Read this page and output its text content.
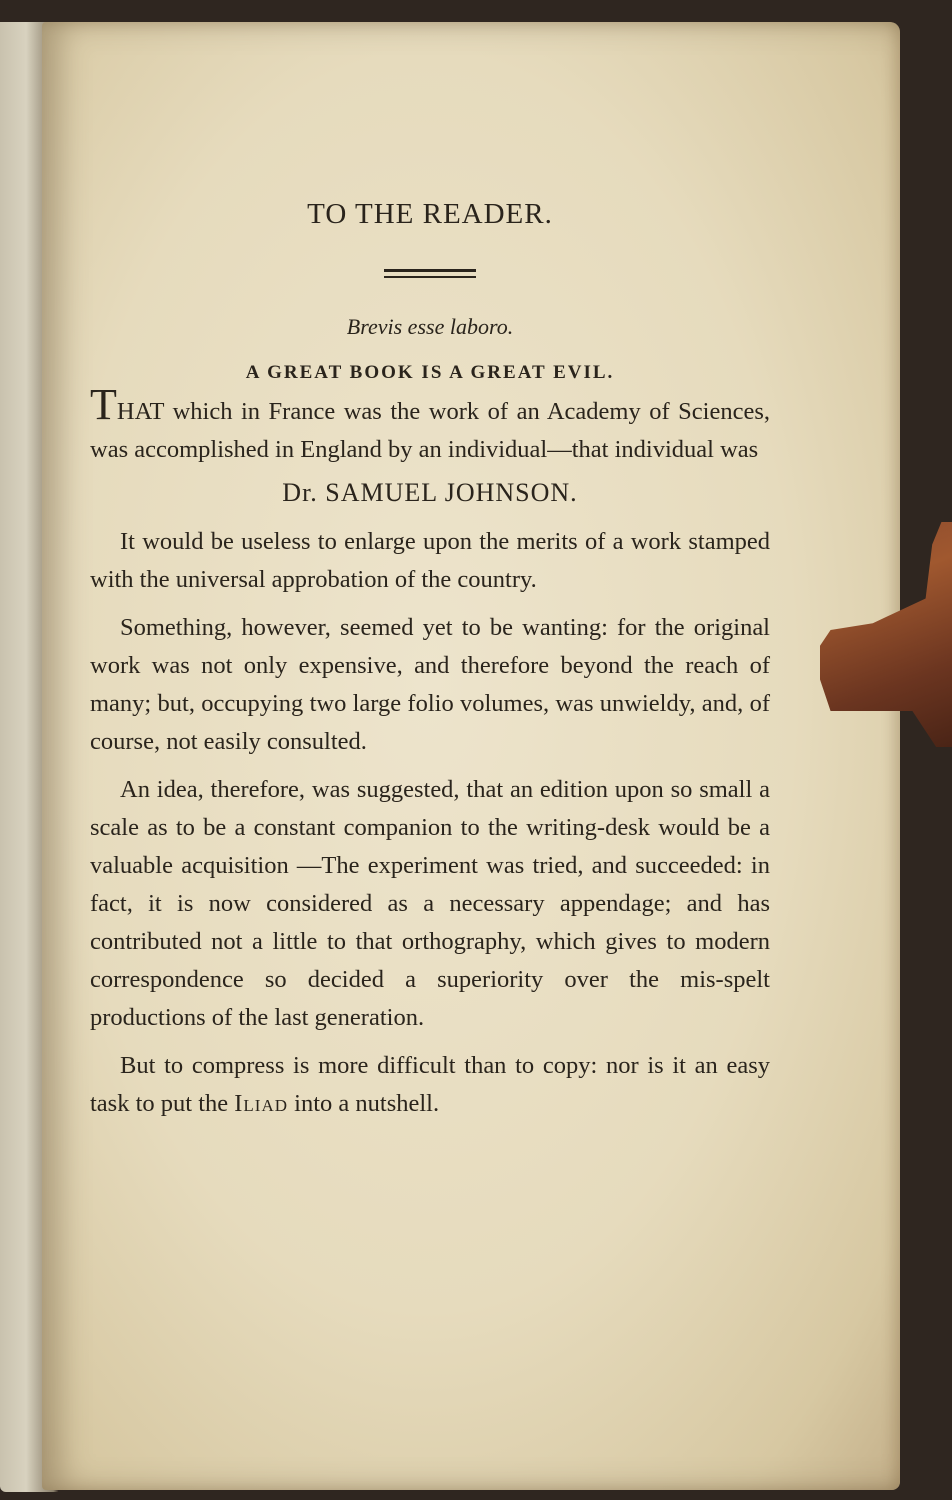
TO THE READER.
Brevis esse laboro.
A GREAT BOOK IS A GREAT EVIL.

THAT which in France was the work of an Academy of Sciences, was accomplished in England by an individual—that individual was

Dr. SAMUEL JOHNSON.

It would be useless to enlarge upon the merits of a work stamped with the universal approbation of the country.

Something, however, seemed yet to be wanting: for the original work was not only expensive, and therefore beyond the reach of many; but, occupying two large folio volumes, was unwieldy, and, of course, not easily consulted.

An idea, therefore, was suggested, that an edition upon so small a scale as to be a constant companion to the writing-desk would be a valuable acquisition —The experiment was tried, and succeeded: in fact, it is now considered as a necessary appendage; and has contributed not a little to that orthography, which gives to modern correspondence so decided a superiority over the mis-spelt productions of the last generation.

But to compress is more difficult than to copy: nor is it an easy task to put the Iliad into a nutshell.
